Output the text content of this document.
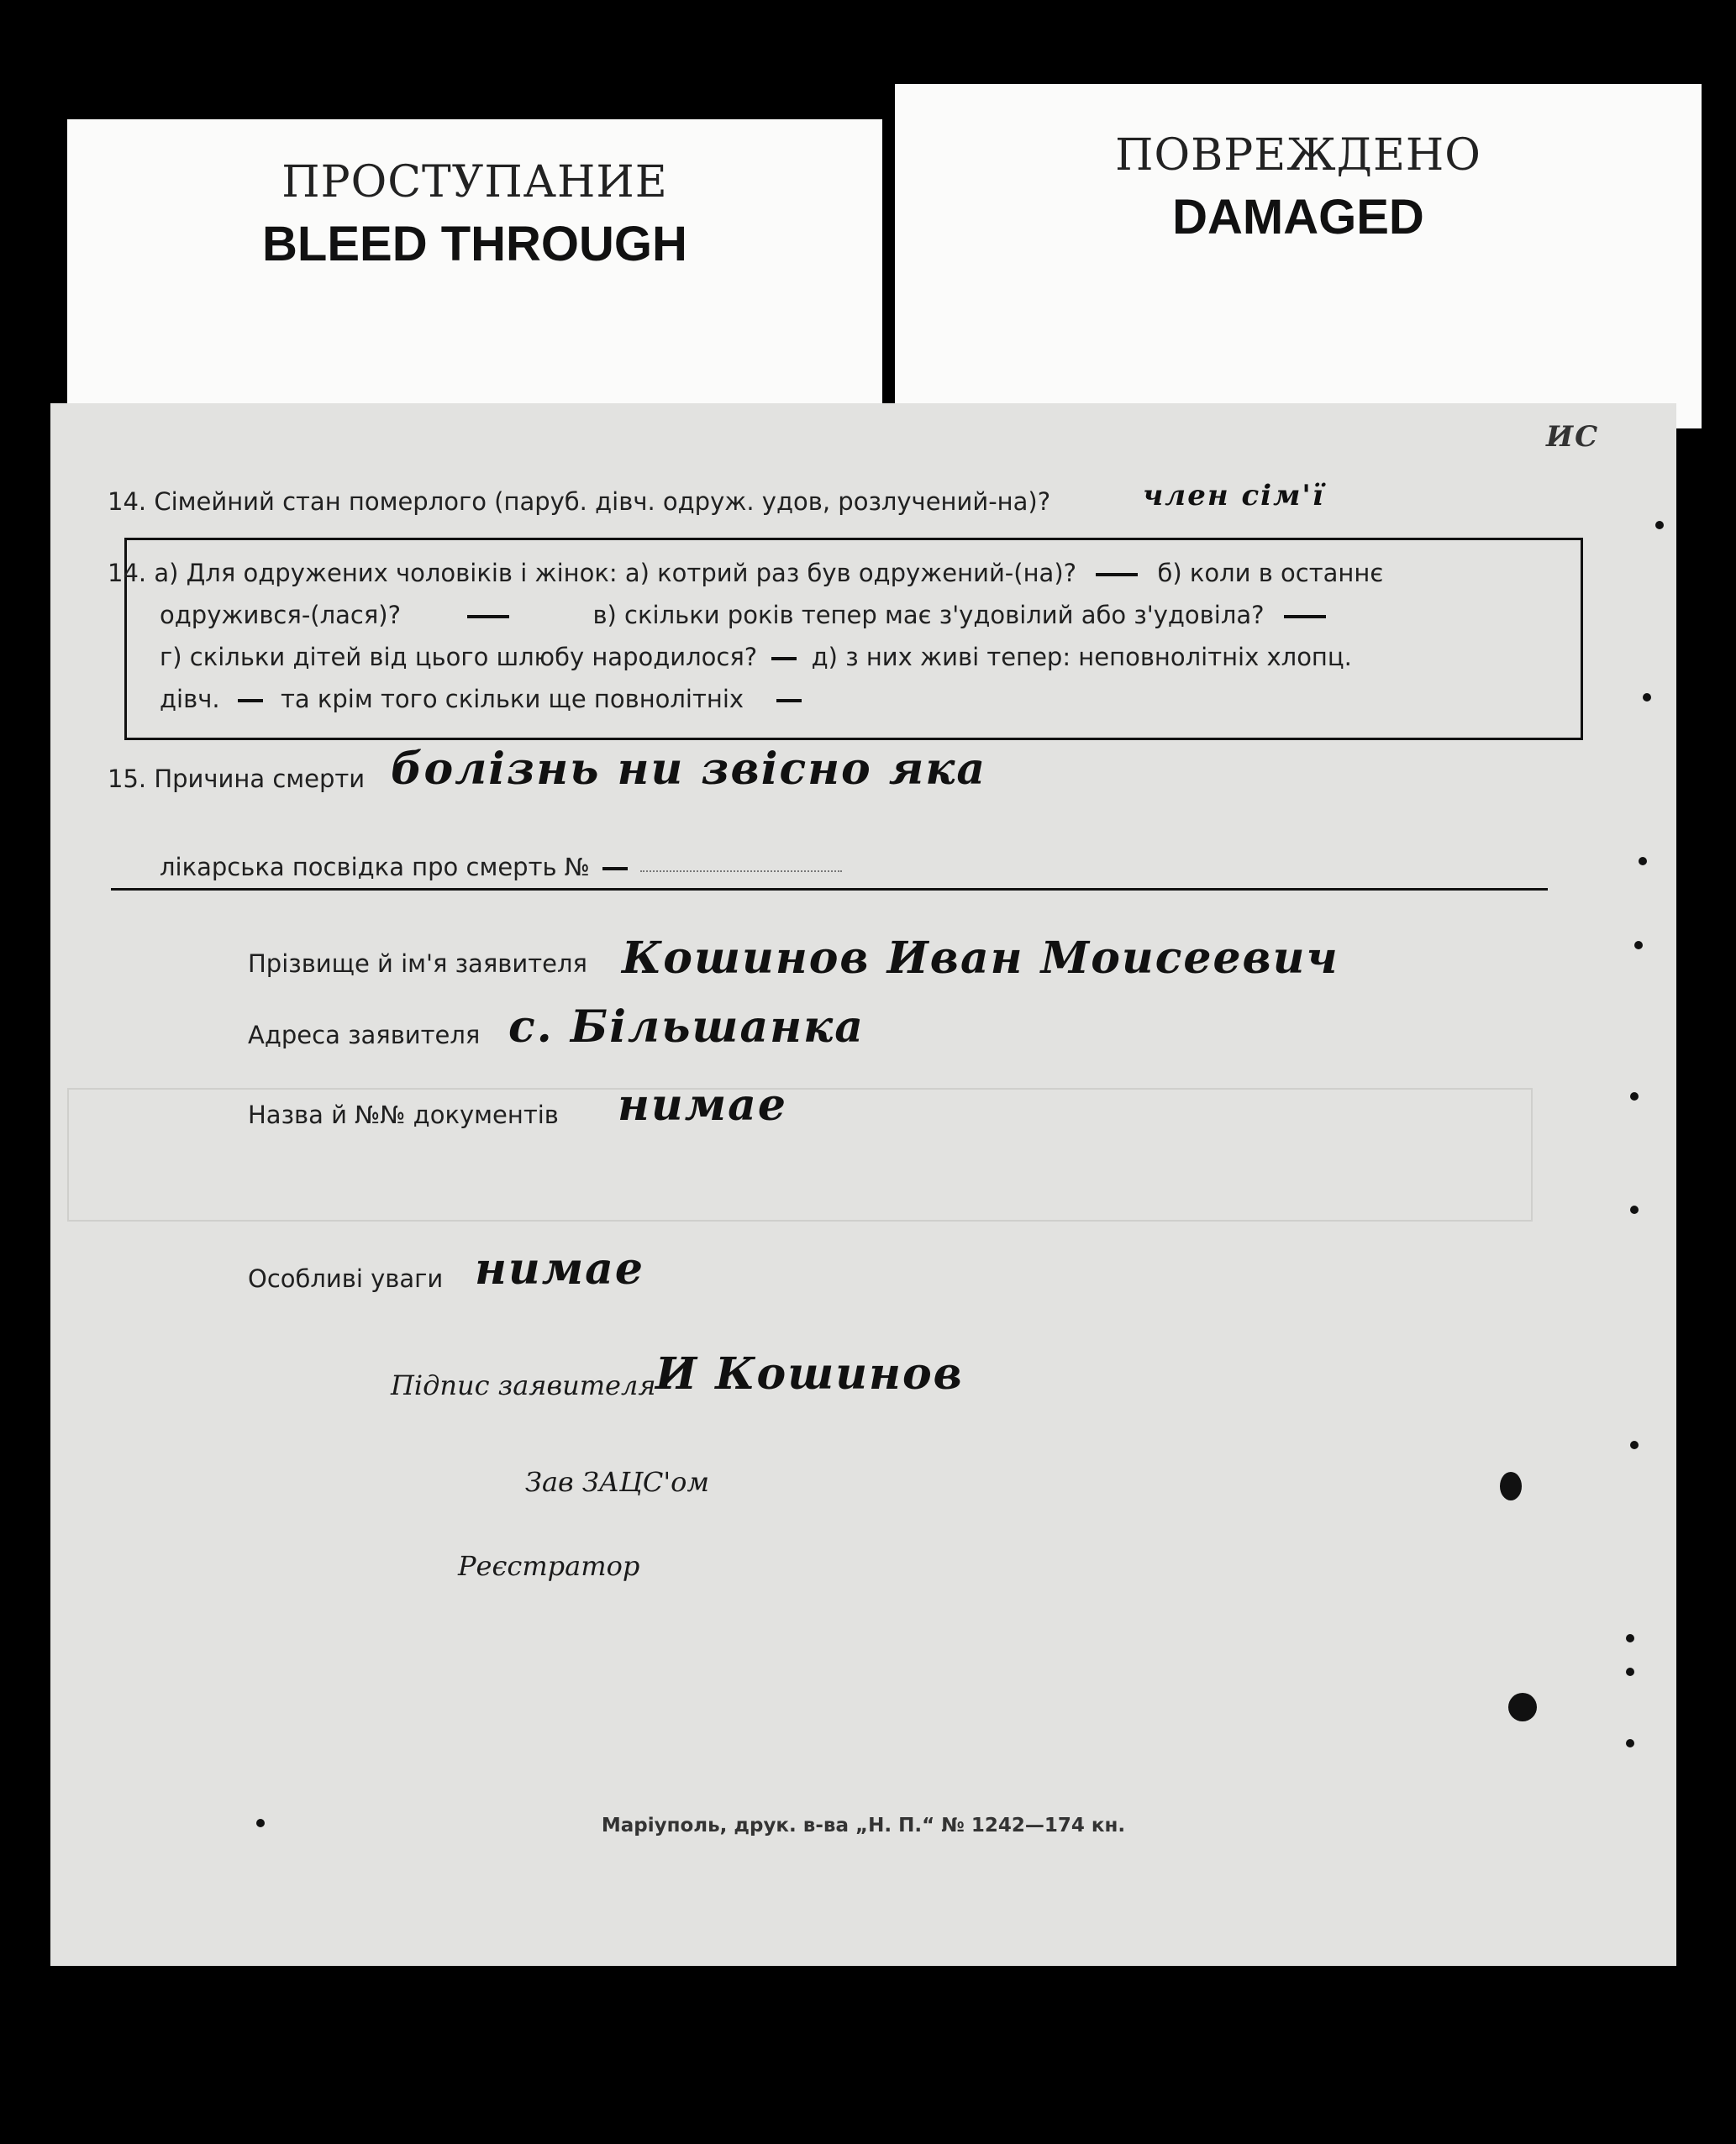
ПРОСТУПАНИЕ
BLEED THROUGH
ПОВРЕЖДЕНО
DAMAGED
ИС
14. Сімейний стан померлого (паруб. дівч. одруж. удов, розлучений-на)?	член сім'ї
14. а) Для одружених чоловіків і жінок: а) котрий раз був одружений-(на)?	б) коли в останнє
одружився-(лася)?	в) скільки років тепер має з'удовілий або з'удовіла?
г) скільки дітей від цього шлюбу народилося? д) з них живі тепер: неповнолітніх хлопц.
дівч. та крім того скільки ще повнолітніх
15. Причина смерти болізнь ни звісно яка
лікарська посвідка про смерть №
Прізвище й ім'я заявителя Кошинов Иван Моисеевич
Адреса заявителя с. Більшанка
Назва й №№ документів нимае
Особливі уваги нимае
Підпис заявителя И Кошинов
Зав ЗАЦС'ом
Реєстратор
Маріуполь, друк. в-ва „Н. П.“ № 1242—174 кн.
